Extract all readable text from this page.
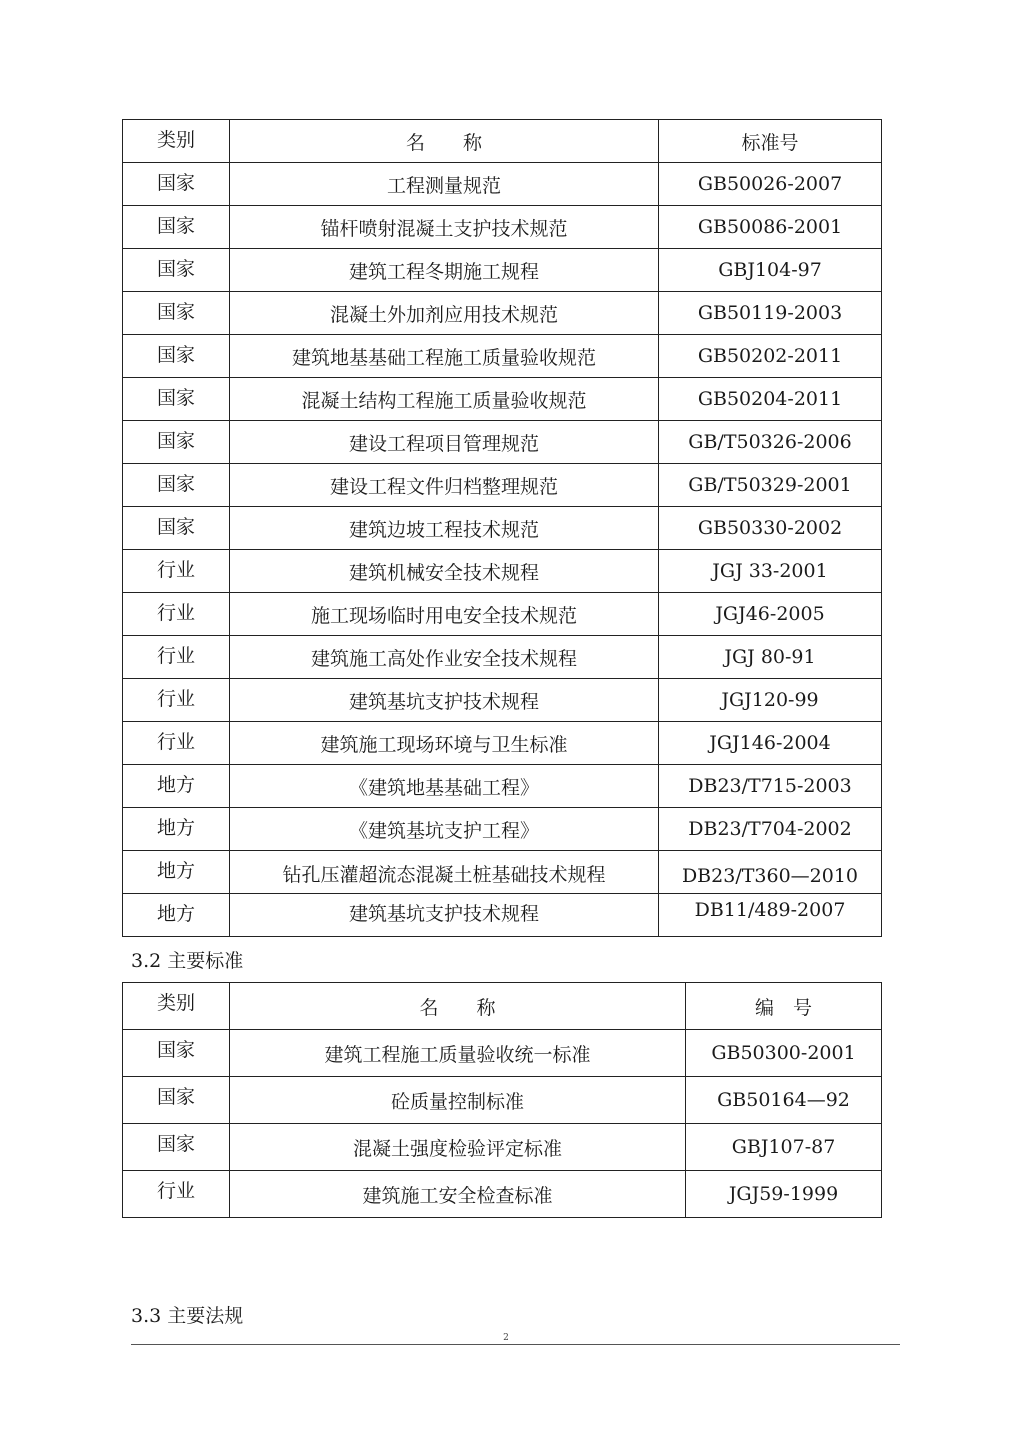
类别	名　　称	标准号
国家	工程测量规范	GB50026-2007
国家	锚杆喷射混凝土支护技术规范	GB50086-2001
国家	建筑工程冬期施工规程	GBJ104-97
国家	混凝土外加剂应用技术规范	GB50119-2003
国家	建筑地基基础工程施工质量验收规范	GB50202-2011
国家	混凝土结构工程施工质量验收规范	GB50204-2011
国家	建设工程项目管理规范	GB/T50326-2006
国家	建设工程文件归档整理规范	GB/T50329-2001
国家	建筑边坡工程技术规范	GB50330-2002
行业	建筑机械安全技术规程	JGJ 33-2001
行业	施工现场临时用电安全技术规范	JGJ46-2005
行业	建筑施工高处作业安全技术规程	JGJ 80-91
行业	建筑基坑支护技术规程	JGJ120-99
行业	建筑施工现场环境与卫生标准	JGJ146-2004
地方	《建筑地基基础工程》	DB23/T715-2003
地方	《建筑基坑支护工程》	DB23/T704-2002
地方	钻孔压灌超流态混凝土桩基础技术规程	DB23/T360—2010
地方	建筑基坑支护技术规程	DB11/489-2007
3.2 主要标准
类别	名　　称	编　号
国家	建筑工程施工质量验收统一标准	GB50300-2001
国家	砼质量控制标准	GB50164—92
国家	混凝土强度检验评定标准	GBJ107-87
行业	建筑施工安全检查标准	JGJ59-1999
3.3 主要法规
2
